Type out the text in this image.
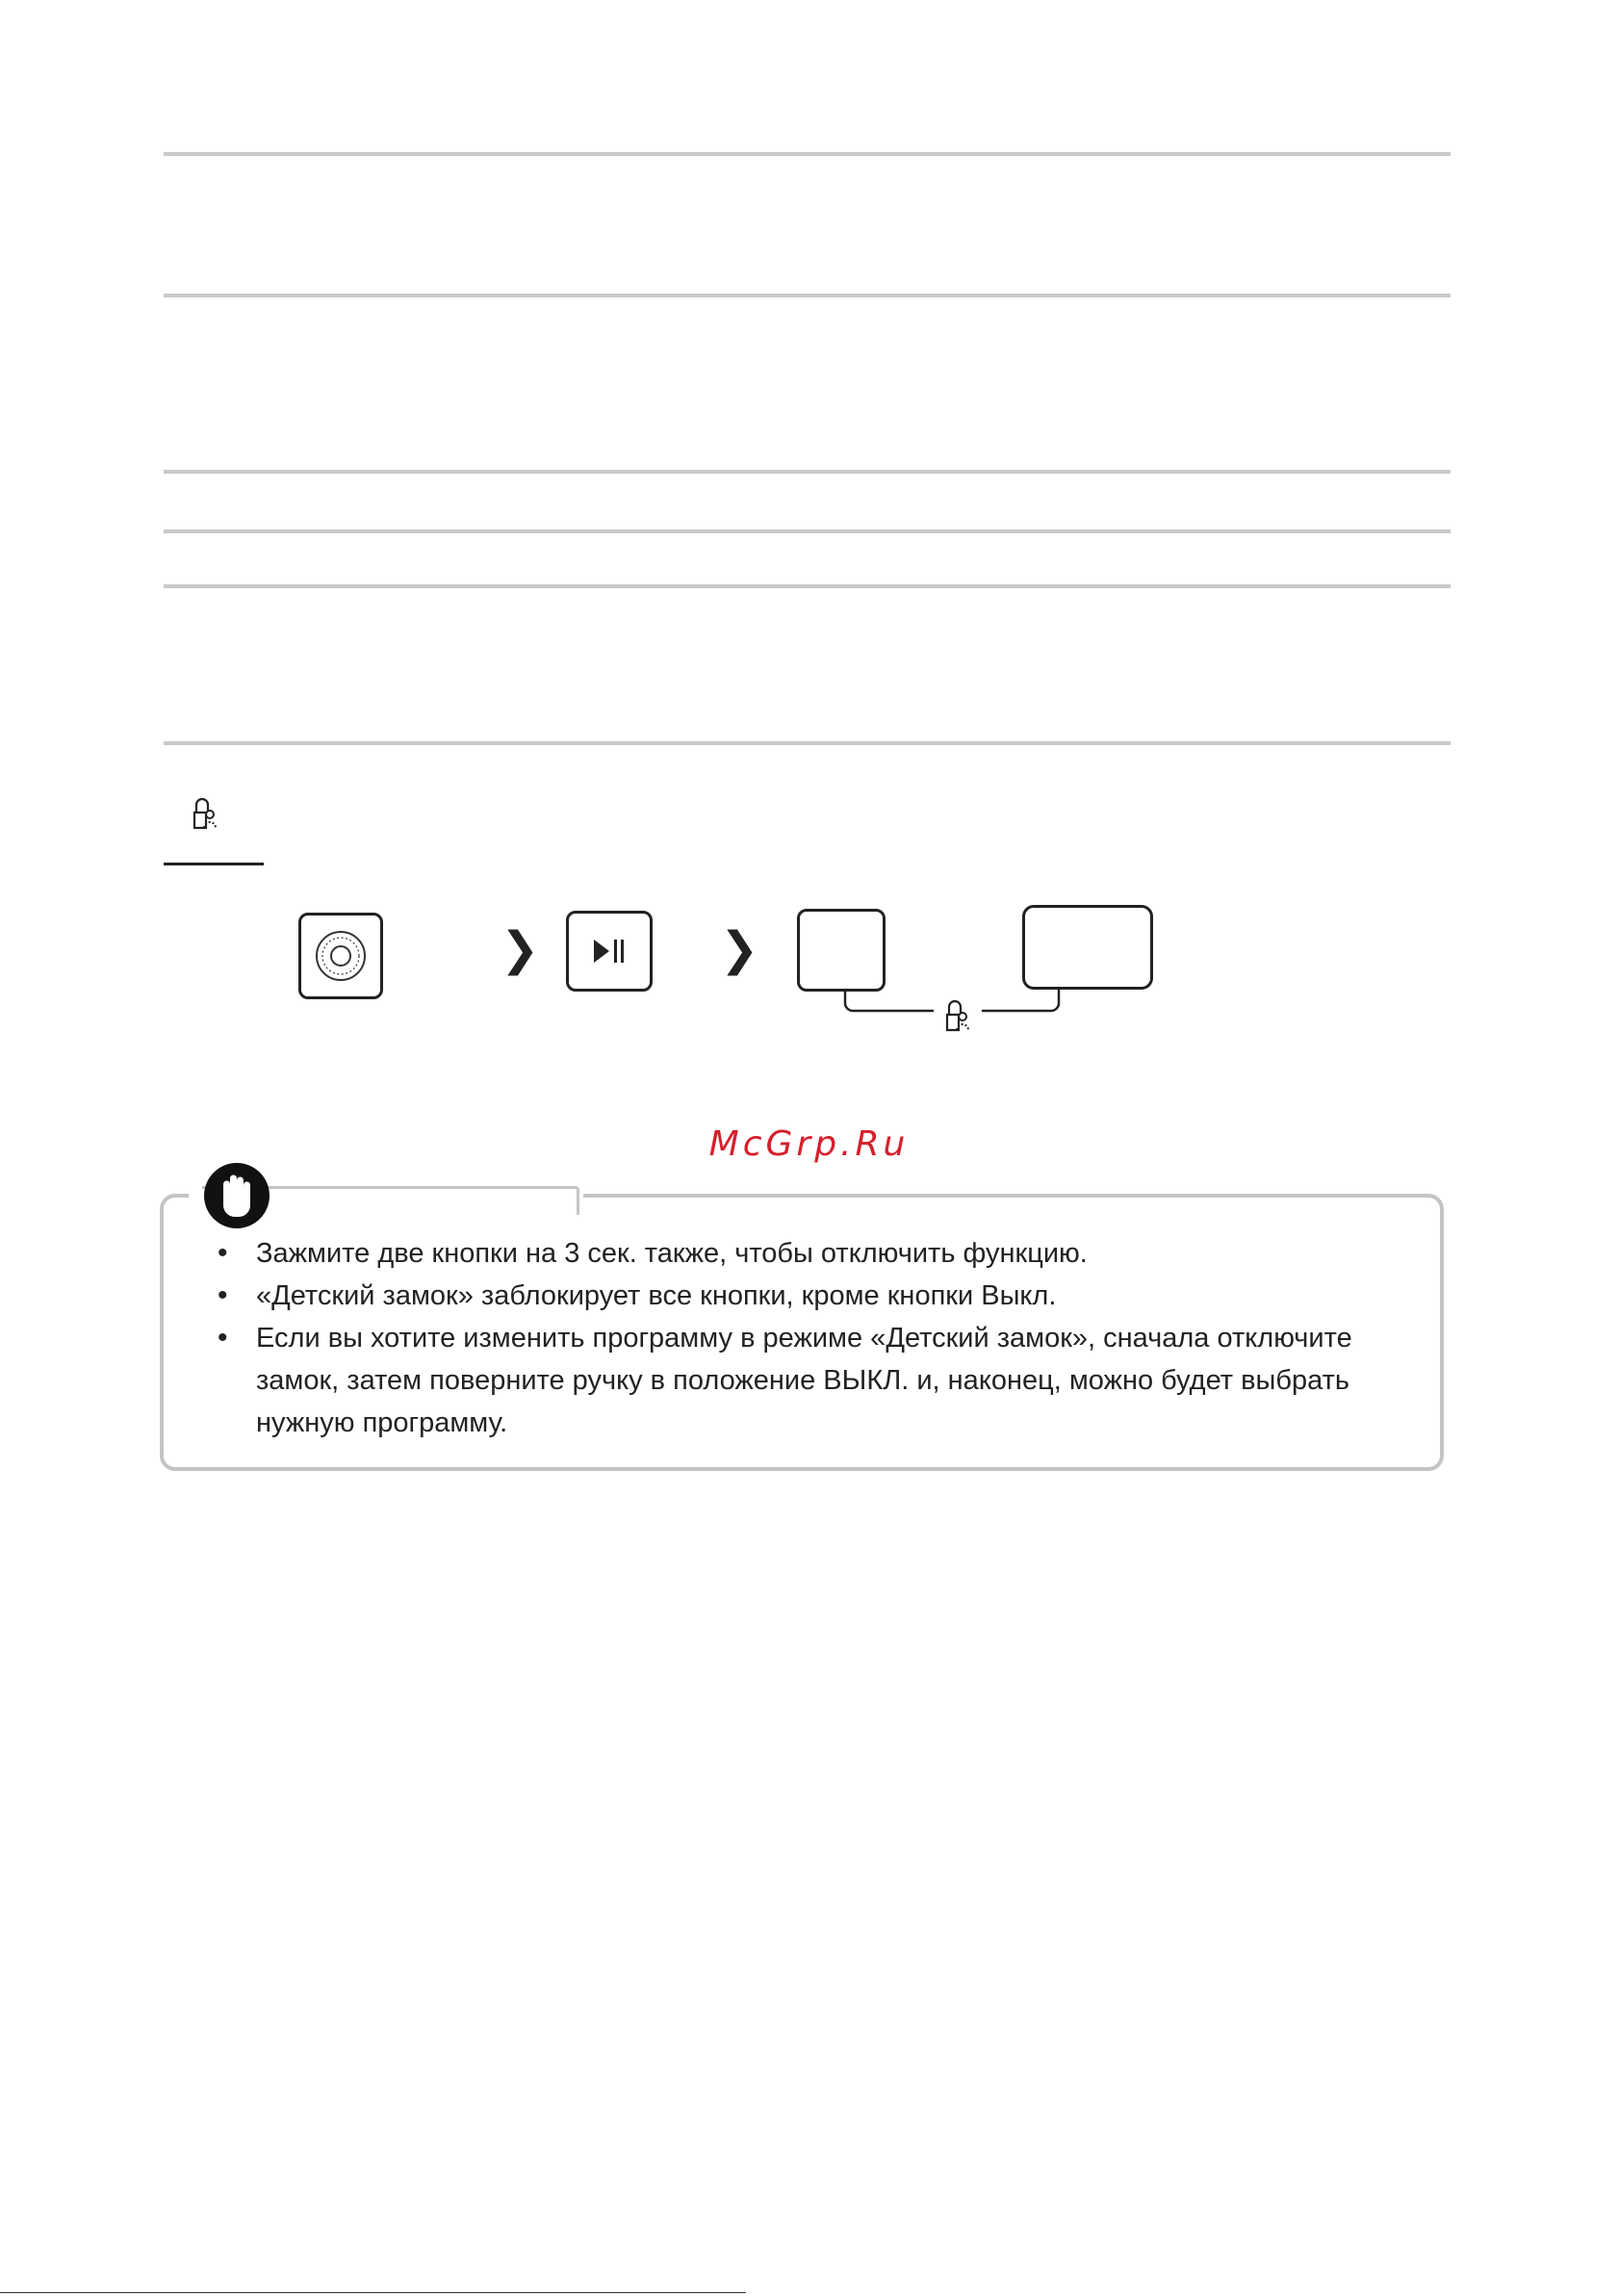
❯	❯
McGrp.Ru
• Зажмите две кнопки на 3 сек. также, чтобы отключить функцию.
• «Детский замок» заблокирует все кнопки, кроме кнопки Выкл.
• Если вы хотите изменить программу в режиме «Детский замок», сначала отключите замок, затем поверните ручку в положение ВЫКЛ. и, наконец, можно будет выбрать нужную программу.
